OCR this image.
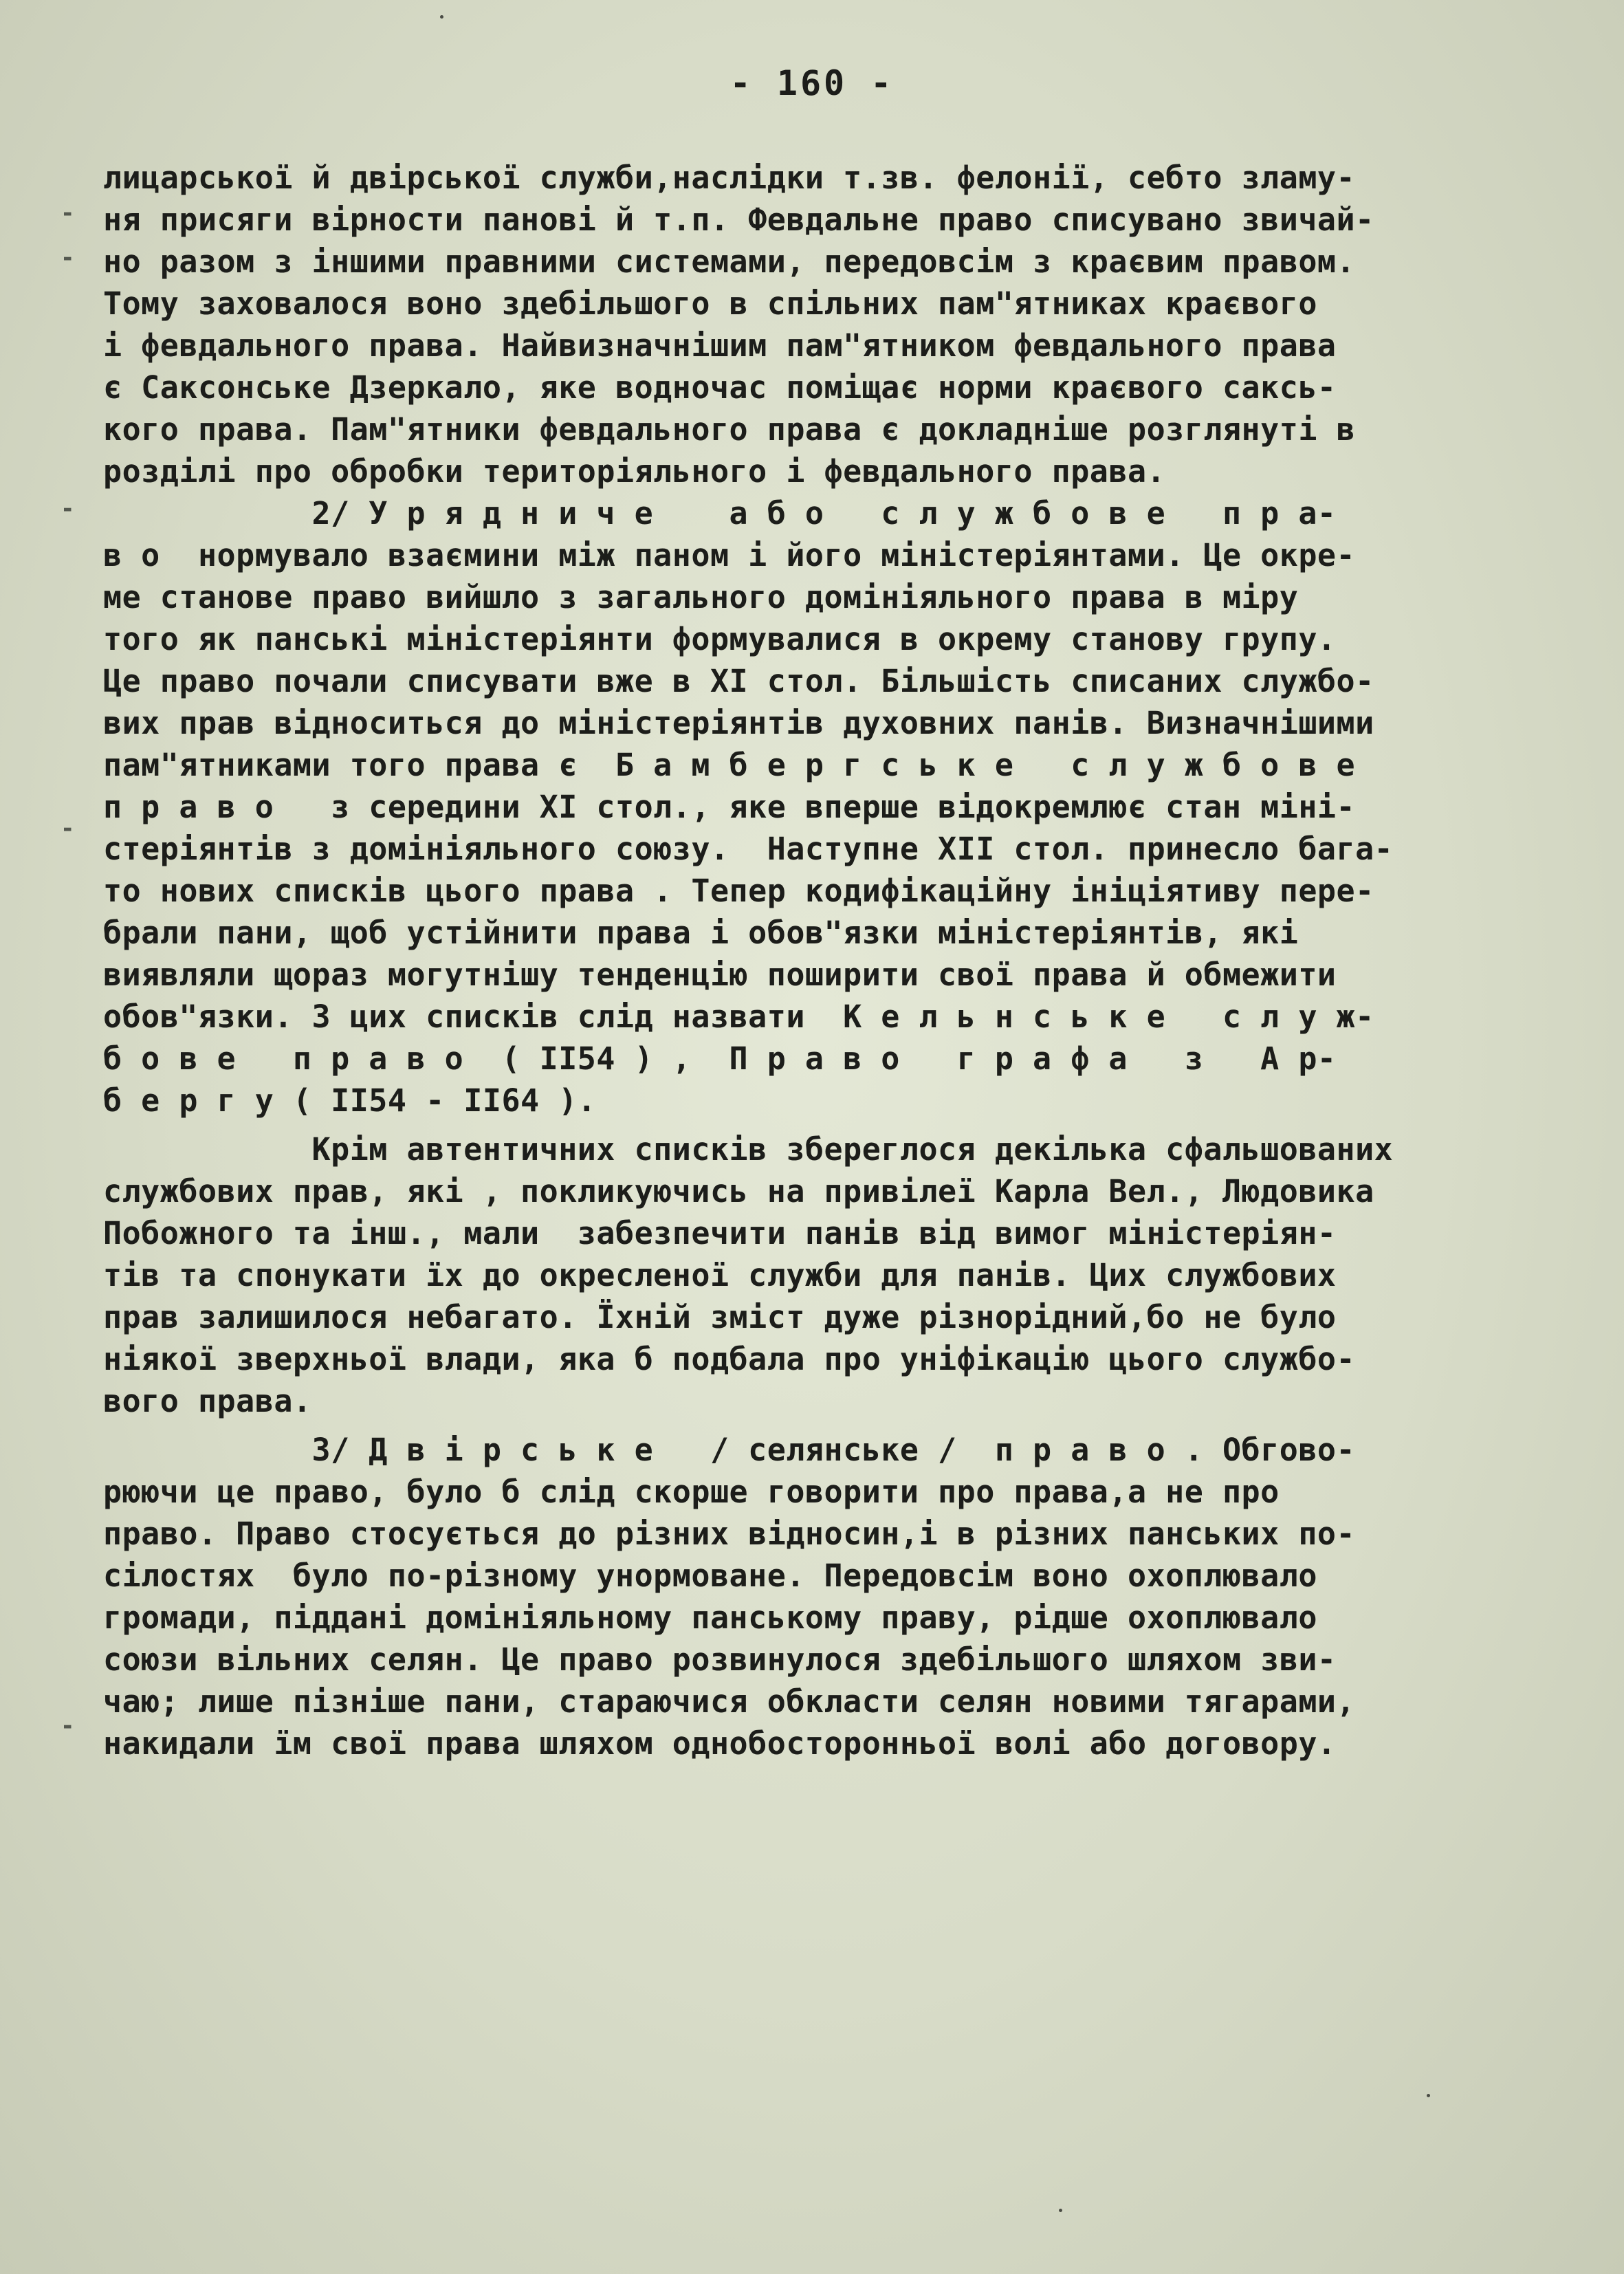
- 160 -
-
-
-
-
-
лицарської й двірської служби,наслідки т.зв. фелонії, себто зламу-
ня присяги вірности панові й т.п. Февдальне право списувано звичай-
но разом з іншими правними системами, передовсім з краєвим правом.
Тому заховалося воно здебільшого в спільних пам"ятниках краєвого
і февдального права. Найвизначнішим пам"ятником февдального права
є Саксонське Дзеркало, яке водночас поміщає норми краєвого саксь-
кого права. Пам"ятники февдального права є докладніше розглянуті в
розділі про обробки територіяльного і февдального права.
2/ У р я д н и ч е    а б о   с л у ж б о в е   п р а-
в о  нормувало взаємини між паном і його міністеріянтами. Це окре-
ме станове право вийшло з загального домініяльного права в міру
того як панські міністеріянти формувалися в окрему станову групу.
Це право почали списувати вже в XI стол. Більшість списаних службо-
вих прав відноситься до міністеріянтів духовних панів. Визначнішими
пам"ятниками того права є  Б а м б е р г с ь к е   с л у ж б о в е
п р а в о   з середини XI стол., яке вперше відокремлює стан міні-
стеріянтів з домініяльного союзу.  Наступне XII стол. принесло бага-
то нових списків цього права . Тепер кодифікаційну ініціятиву пере-
брали пани, щоб устійнити права і обов"язки міністеріянтів, які
виявляли щораз могутнішу тенденцію поширити свої права й обмежити
обов"язки. З цих списків слід назвати  К е л ь н с ь к е   с л у ж-
б о в е   п р а в о  ( II54 ) ,  П р а в о   г р а ф а   з   А р-
б е р г у ( II54 - II64 ).
Крім автентичних списків збереглося декілька сфальшованих
службових прав, які , покликуючись на привілеї Карла Вел., Людовика
Побожного та інш., мали  забезпечити панів від вимог міністеріян-
тів та спонукати їх до окресленої служби для панів. Цих службових
прав залишилося небагато. Їхній зміст дуже різнорідний,бо не було
ніякої зверхньої влади, яка б подбала про уніфікацію цього службо-
вого права.
3/ Д в і р с ь к е   / селянське /  п р а в о . Обгово-
рюючи це право, було б слід скорше говорити про права,а не про
право. Право стосується до різних відносин,і в різних панських по-
сілостях  було по-різному унормоване. Передовсім воно охоплювало
громади, піддані домініяльному панському праву, рідше охоплювало
союзи вільних селян. Це право розвинулося здебільшого шляхом зви-
чаю; лише пізніше пани, стараючися обкласти селян новими тягарами,
накидали їм свої права шляхом однобосторонньої волі або договору.
